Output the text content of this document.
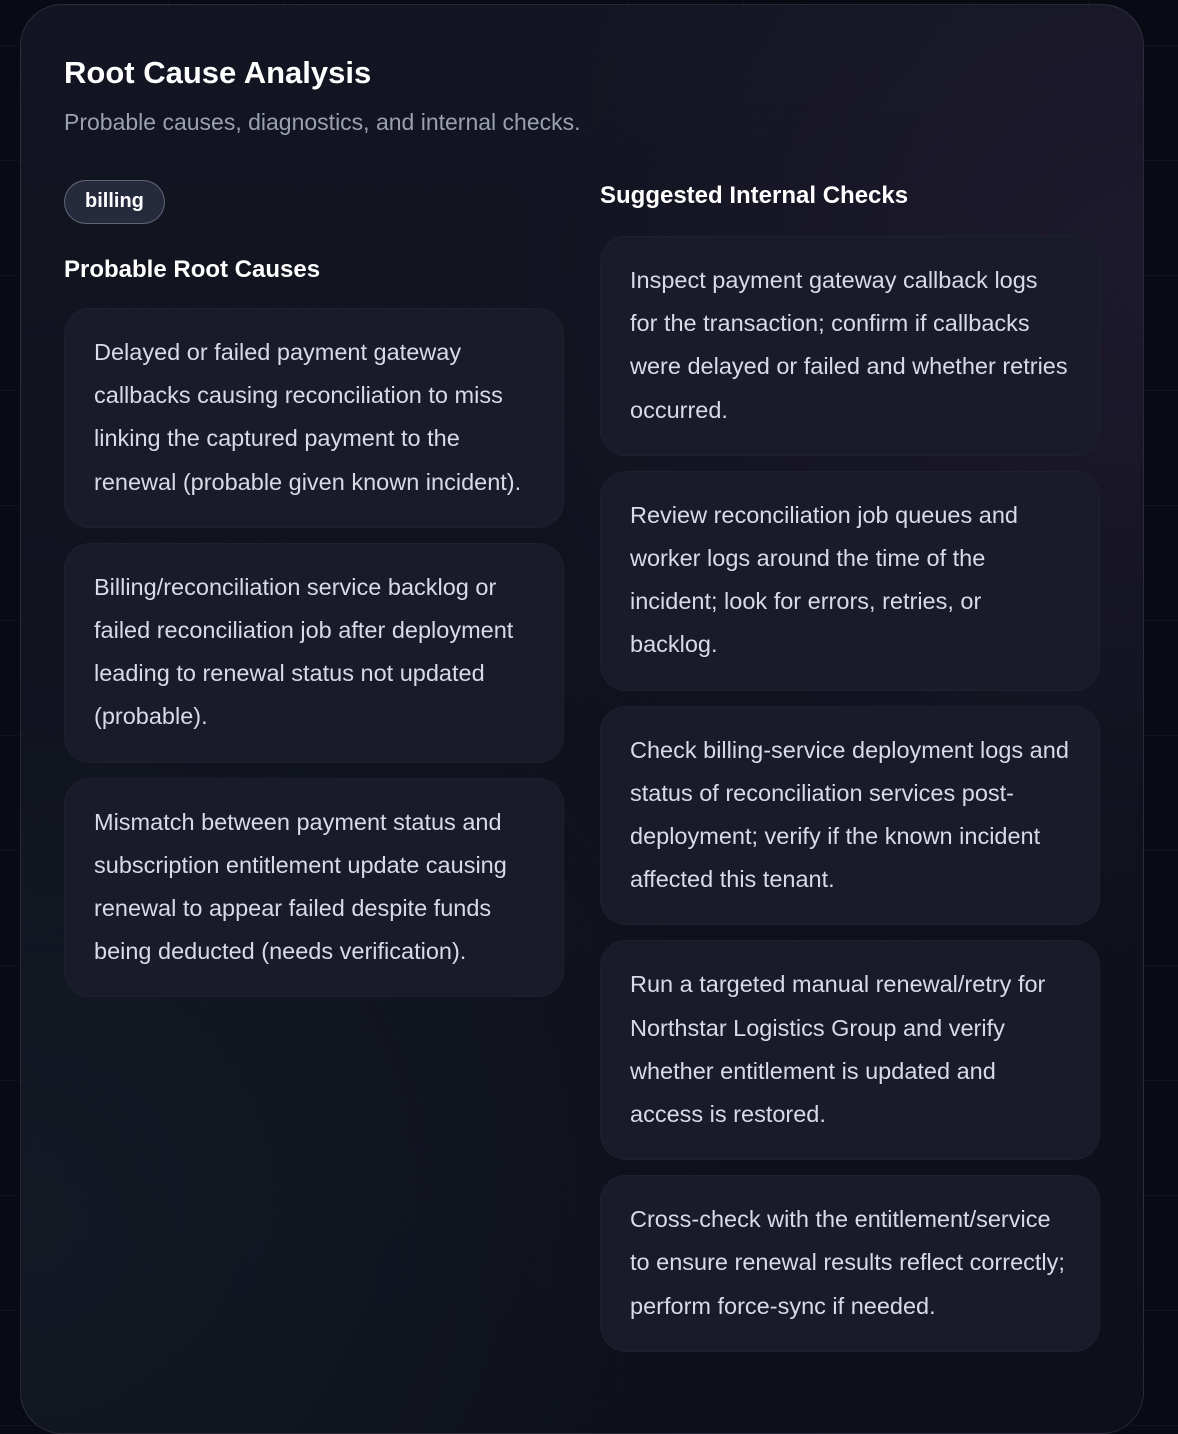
Root Cause Analysis

Probable causes, diagnostics, and internal checks.

billing
Probable Root Causes
Delayed or failed payment gateway callbacks causing reconciliation to miss linking the captured payment to the renewal (probable given known incident).
Billing/reconciliation service backlog or failed reconciliation job after deployment leading to renewal status not updated (probable).
Mismatch between payment status and subscription entitlement update causing renewal to appear failed despite funds being deducted (needs verification).
Suggested Internal Checks
Inspect payment gateway callback logs for the transaction; confirm if callbacks were delayed or failed and whether retries occurred.
Review reconciliation job queues and worker logs around the time of the incident; look for errors, retries, or backlog.
Check billing-service deployment logs and status of reconciliation services post-deployment; verify if the known incident affected this tenant.
Run a targeted manual renewal/retry for Northstar Logistics Group and verify whether entitlement is updated and access is restored.
Cross-check with the entitlement/service to ensure renewal results reflect correctly; perform force-sync if needed.
